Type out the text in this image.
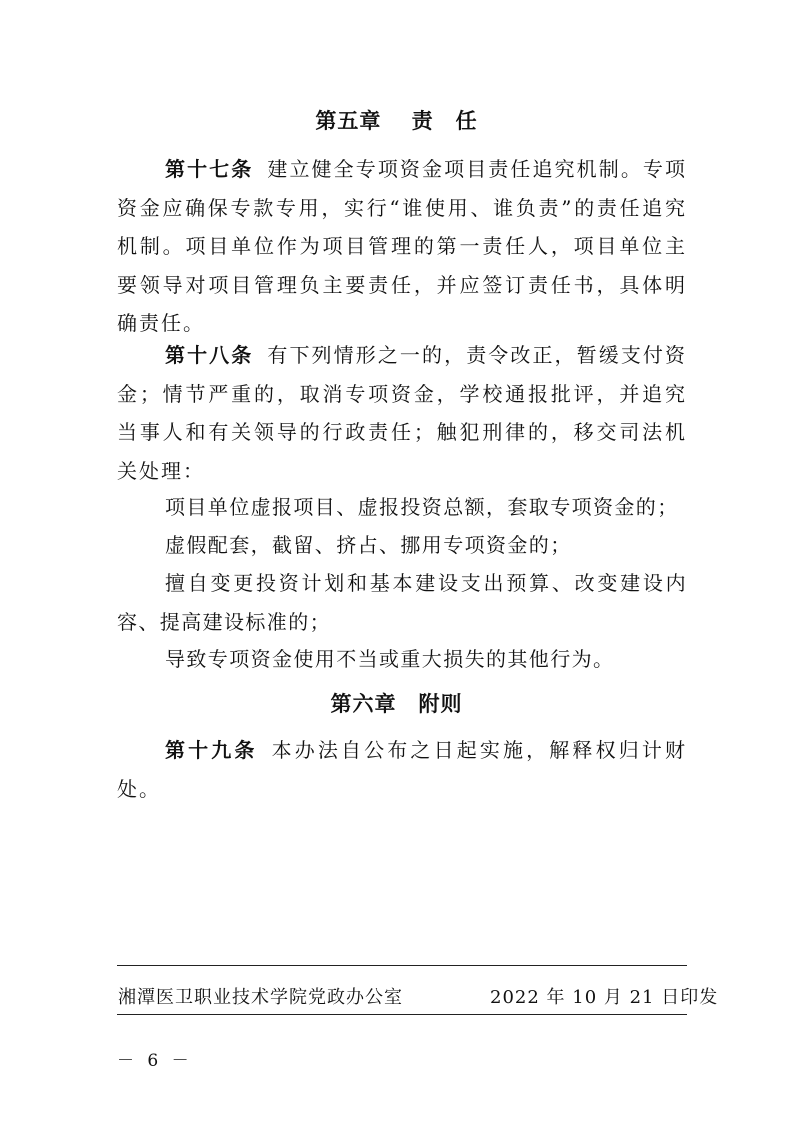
第五章　 责　任

第十七条 建立健全专项资金项目责任追究机制。专项资金应确保专款专用，实行“谁使用、谁负责”的责任追究机制。项目单位作为项目管理的第一责任人，项目单位主要领导对项目管理负主要责任，并应签订责任书，具体明确责任。

第十八条 有下列情形之一的，责令改正，暂缓支付资金；情节严重的，取消专项资金，学校通报批评，并追究当事人和有关领导的行政责任；触犯刑律的，移交司法机关处理：

项目单位虚报项目、虚报投资总额，套取专项资金的；

虚假配套，截留、挤占、挪用专项资金的；

擅自变更投资计划和基本建设支出预算、改变建设内容、提高建设标准的；

导致专项资金使用不当或重大损失的其他行为。

第六章　附则

第十九条 本办法自公布之日起实施，解释权归计财处。

湘潭医卫职业技术学院党政办公室	2022 年 10 月 21 日印发
－ 6 －
